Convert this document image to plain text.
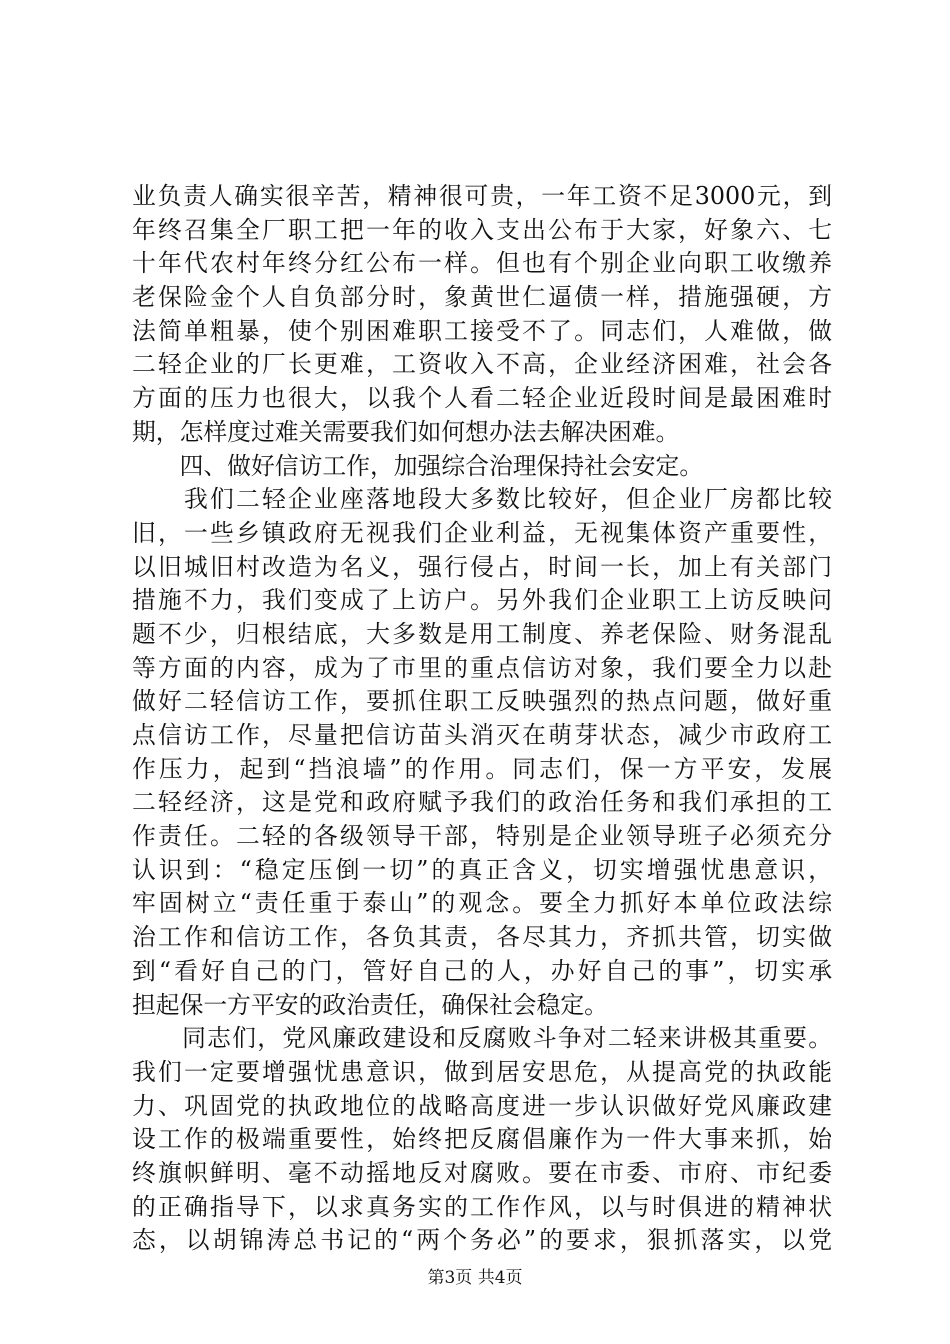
业负责人确实很辛苦，精神很可贵，一年工资不足3000元，到
年终召集全厂职工把一年的收入支出公布于大家，好象六、七
十年代农村年终分红公布一样。但也有个别企业向职工收缴养
老保险金个人自负部分时，象黄世仁逼债一样，措施强硬，方
法简单粗暴，使个别困难职工接受不了。同志们，人难做，做
二轻企业的厂长更难，工资收入不高，企业经济困难，社会各
方面的压力也很大，以我个人看二轻企业近段时间是最困难时
期，怎样度过难关需要我们如何想办法去解决困难。
　　四、做好信访工作，加强综合治理保持社会安定。
　　我们二轻企业座落地段大多数比较好，但企业厂房都比较
旧，一些乡镇政府无视我们企业利益，无视集体资产重要性，
以旧城旧村改造为名义，强行侵占，时间一长，加上有关部门
措施不力，我们变成了上访户。另外我们企业职工上访反映问
题不少，归根结底，大多数是用工制度、养老保险、财务混乱
等方面的内容，成为了市里的重点信访对象，我们要全力以赴
做好二轻信访工作，要抓住职工反映强烈的热点问题，做好重
点信访工作，尽量把信访苗头消灭在萌芽状态，减少市政府工
作压力，起到“挡浪墙”的作用。同志们，保一方平安，发展
二轻经济，这是党和政府赋予我们的政治任务和我们承担的工
作责任。二轻的各级领导干部，特别是企业领导班子必须充分
认识到：“稳定压倒一切”的真正含义，切实增强忧患意识，
牢固树立“责任重于泰山”的观念。要全力抓好本单位政法综
治工作和信访工作，各负其责，各尽其力，齐抓共管，切实做
到“看好自己的门，管好自己的人，办好自己的事”，切实承
担起保一方平安的政治责任，确保社会稳定。
　　同志们，党风廉政建设和反腐败斗争对二轻来讲极其重要。
我们一定要增强忧患意识，做到居安思危，从提高党的执政能
力、巩固党的执政地位的战略高度进一步认识做好党风廉政建
设工作的极端重要性，始终把反腐倡廉作为一件大事来抓，始
终旗帜鲜明、毫不动摇地反对腐败。要在市委、市府、市纪委
的正确指导下，以求真务实的工作作风，以与时俱进的精神状
态，以胡锦涛总书记的“两个务必”的要求，狠抓落实，以党
第3页 共4页
